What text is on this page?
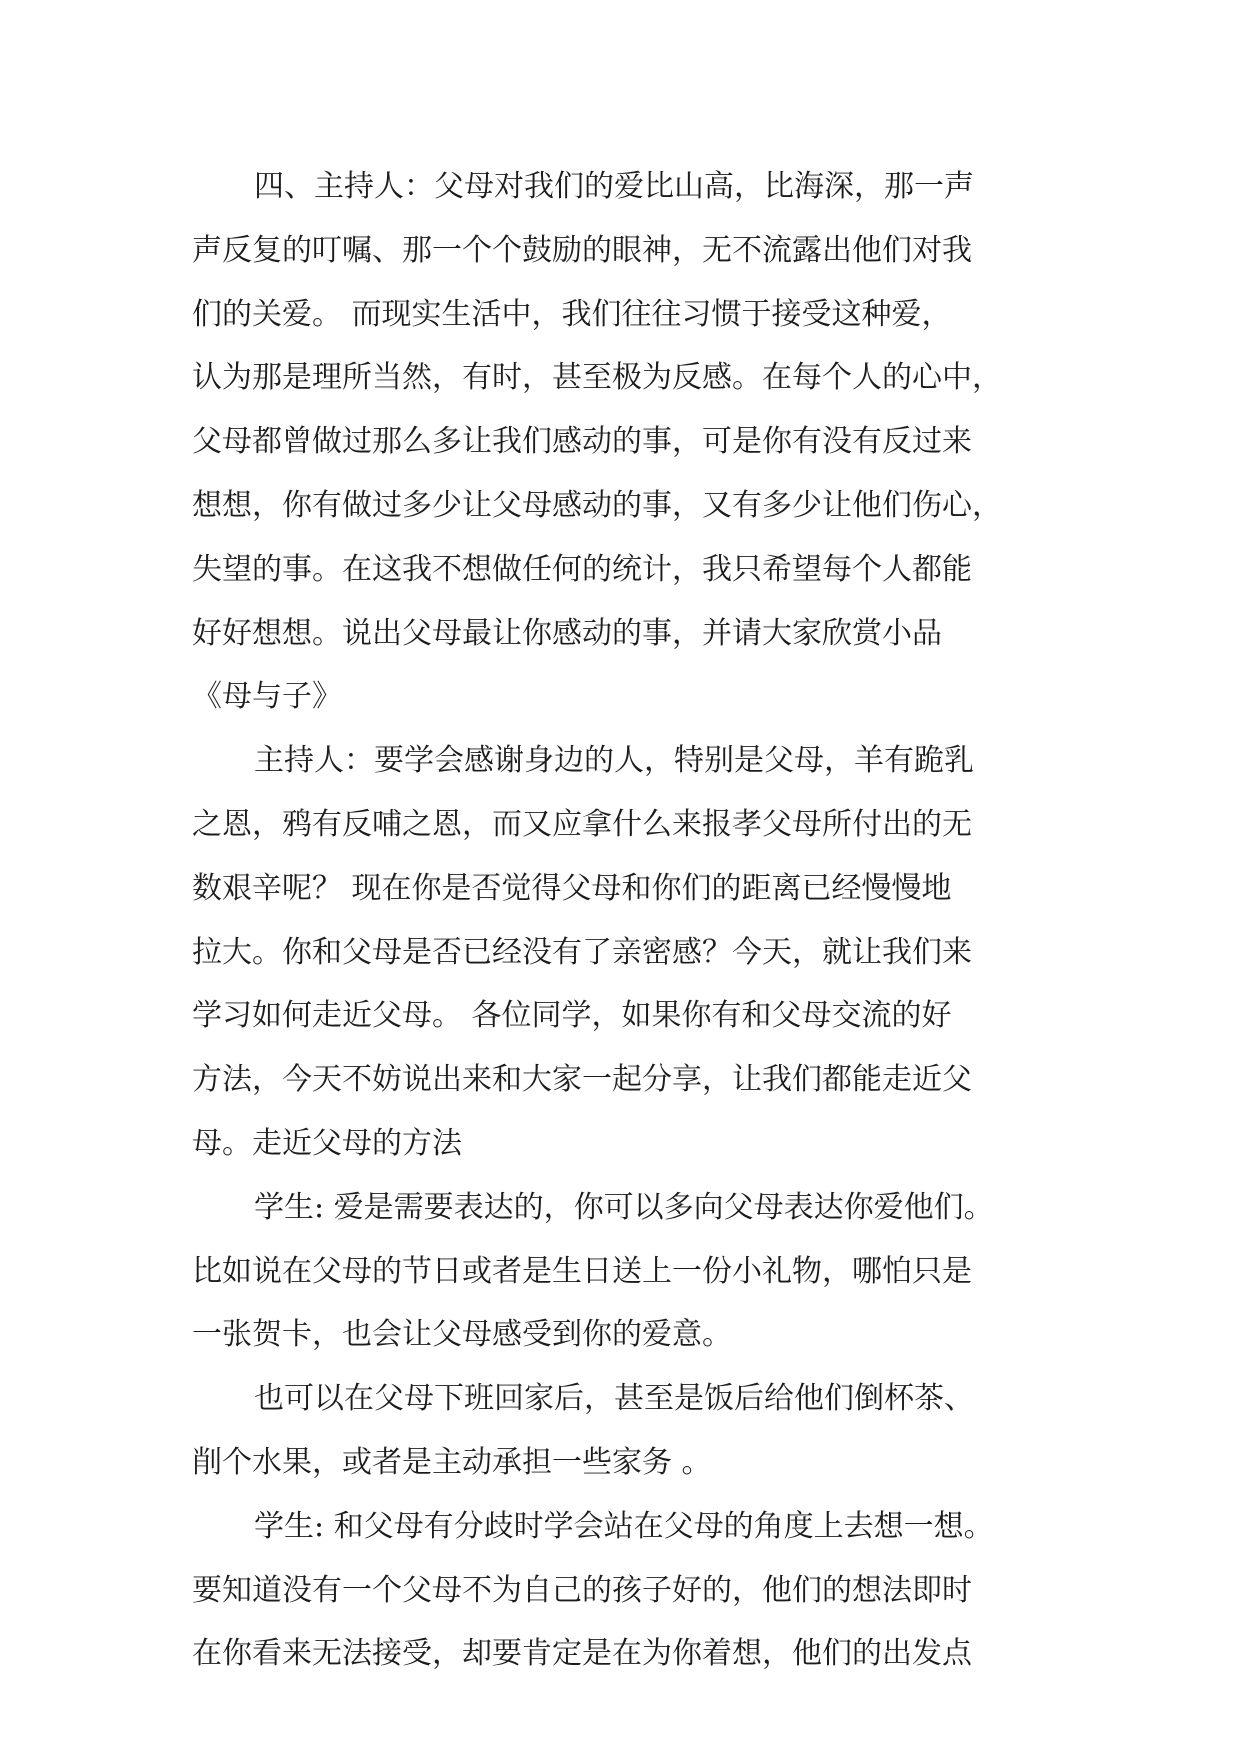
四、主持人：父母对我们的爱比山高，比海深，那一声
声反复的叮嘱、那一个个鼓励的眼神，无不流露出他们对我
们的关爱。 而现实生活中，我们往往习惯于接受这种爱，
认为那是理所当然，有时，甚至极为反感。在每个人的心中，
父母都曾做过那么多让我们感动的事，可是你有没有反过来
想想，你有做过多少让父母感动的事，又有多少让他们伤心，
失望的事。在这我不想做任何的统计，我只希望每个人都能
好好想想。说出父母最让你感动的事，并请大家欣赏小品
《母与子》
主持人：要学会感谢身边的人，特别是父母，羊有跪乳
之恩，鸦有反哺之恩，而又应拿什么来报孝父母所付出的无
数艰辛呢？ 现在你是否觉得父母和你们的距离已经慢慢地
拉大。你和父母是否已经没有了亲密感？今天，就让我们来
学习如何走近父母。 各位同学，如果你有和父母交流的好
方法，今天不妨说出来和大家一起分享，让我们都能走近父
母。走近父母的方法
学生: 爱是需要表达的，你可以多向父母表达你爱他们。
比如说在父母的节日或者是生日送上一份小礼物，哪怕只是
一张贺卡，也会让父母感受到你的爱意。
也可以在父母下班回家后，甚至是饭后给他们倒杯茶、
削个水果，或者是主动承担一些家务 。
学生: 和父母有分歧时学会站在父母的角度上去想一想。
要知道没有一个父母不为自己的孩子好的，他们的想法即时
在你看来无法接受，却要肯定是在为你着想，他们的出发点
